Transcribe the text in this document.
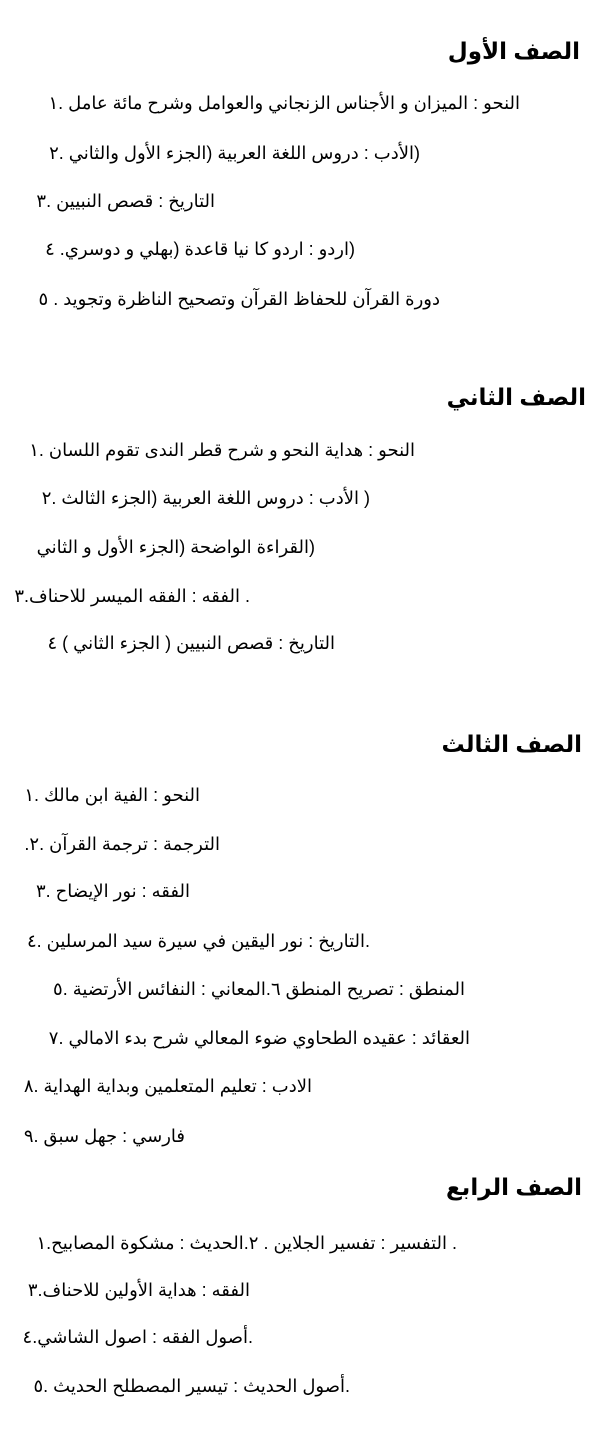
الصف الأول
النحو : الميزان و الأجناس الزنجاني والعوامل وشرح مائة عامل .١
(الأدب : دروس اللغة العربية (الجزء الأول والثاني .٢
التاريخ : قصص النبيين .٣
(اردو : اردو كا نيا قاعدة (بهلي و دوسري. ٤
دورة القرآن للحفاظ القرآن وتصحيح الناظرة وتجويد . ٥
الصف الثاني
النحو : هداية النحو و شرح قطر الندى تقوم اللسان .١
( الأدب : دروس اللغة العربية (الجزء الثالث .٢
(القراءة الواضحة (الجزء الأول و الثاني
. الفقه : الفقه الميسر للاحناف.٣
التاريخ : قصص النبيين ( الجزء الثاني ) ٤
الصف الثالث
النحو : الفية ابن مالك .١
الترجمة : ترجمة القرآن .٢.
الفقه : نور الإيضاح .٣
.التاريخ : نور اليقين في سيرة سيد المرسلين .٤
المنطق : تصريح المنطق ٦.المعاني : النفائس الأرتضية .٥
العقائد : عقيده الطحاوي ضوء المعالي شرح بدء الامالي .٧
الادب : تعليم المتعلمين وبداية الهداية .٨
فارسي : جهل سبق .٩
الصف الرابع
. التفسير : تفسير الجلاين . ٢.الحديث : مشكوة المصابيح.١
الفقه : هداية الأولين للاحناف.٣
.أصول الفقه : اصول الشاشي.٤
.أصول الحديث : تيسير المصطلح الحديث .٥
